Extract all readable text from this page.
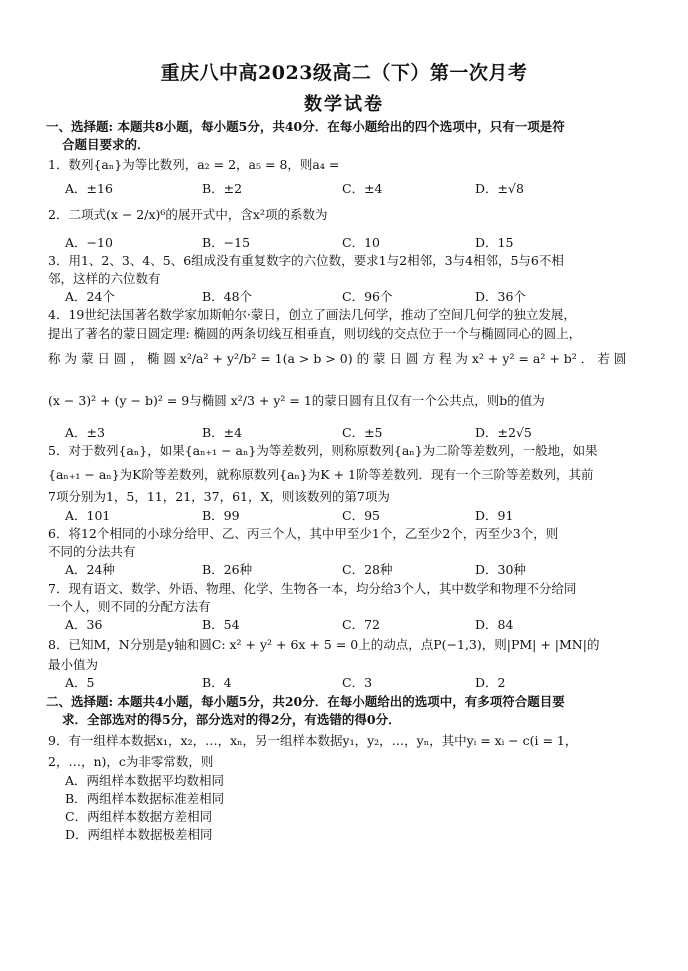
重庆八中高2023级高二（下）第一次月考
数学试卷
一、选择题: 本题共8小题，每小题5分，共40分．在每小题给出的四个选项中，只有一项是符
合题目要求的．
1．数列{aₙ}为等比数列，a₂ = 2，a₅ = 8，则a₄ =
A．±16	B．±2	C．±4	D．±√8
2．二项式(x − 2/x)⁶的展开式中，含x²项的系数为
A．−10	B．−15	C．10	D．15
3．用1、2、3、4、5、6组成没有重复数字的六位数，要求1与2相邻，3与4相邻，5与6不相
邻，这样的六位数有
A．24个	B．48个	C．96个	D．36个
4．19世纪法国著名数学家加斯帕尔·蒙日，创立了画法几何学，推动了空间几何学的独立发展，
提出了著名的蒙日圆定理: 椭圆的两条切线互相垂直，则切线的交点位于一个与椭圆同心的圆上，
称 为 蒙 日 圆 ， 椭 圆 x²/a² + y²/b² = 1(a > b > 0) 的 蒙 日 圆 方 程 为 x² + y² = a² + b² ． 若 圆
(x − 3)² + (y − b)² = 9与椭圆 x²/3 + y² = 1的蒙日圆有且仅有一个公共点，则b的值为
A．±3	B．±4	C．±5	D．±2√5
5．对于数列{aₙ}，如果{aₙ₊₁ − aₙ}为等差数列，则称原数列{aₙ}为二阶等差数列，一般地，如果
{aₙ₊₁ − aₙ}为K阶等差数列，就称原数列{aₙ}为K + 1阶等差数列．现有一个三阶等差数列，其前
7项分别为1，5，11，21，37，61，X，则该数列的第7项为
A．101	B．99	C．95	D．91
6．将12个相同的小球分给甲、乙、丙三个人，其中甲至少1个，乙至少2个，丙至少3个，则
不同的分法共有
A．24种	B．26种	C．28种	D．30种
7．现有语文、数学、外语、物理、化学、生物各一本，均分给3个人，其中数学和物理不分给同
一个人，则不同的分配方法有
A．36	B．54	C．72	D．84
8．已知M，N分别是y轴和圆C: x² + y² + 6x + 5 = 0上的动点，点P(−1,3)，则|PM| + |MN|的
最小值为
A．5	B．4	C．3	D．2
二、选择题: 本题共4小题，每小题5分，共20分．在每小题给出的选项中，有多项符合题目要
求．全部选对的得5分，部分选对的得2分，有选错的得0分．
9．有一组样本数据x₁，x₂，…，xₙ，另一组样本数据y₁，y₂，…，yₙ，其中yᵢ = xᵢ − c(i = 1，
2，…，n)，c为非零常数，则
A．两组样本数据平均数相同
B．两组样本数据标准差相同
C．两组样本数据方差相同
D．两组样本数据极差相同
